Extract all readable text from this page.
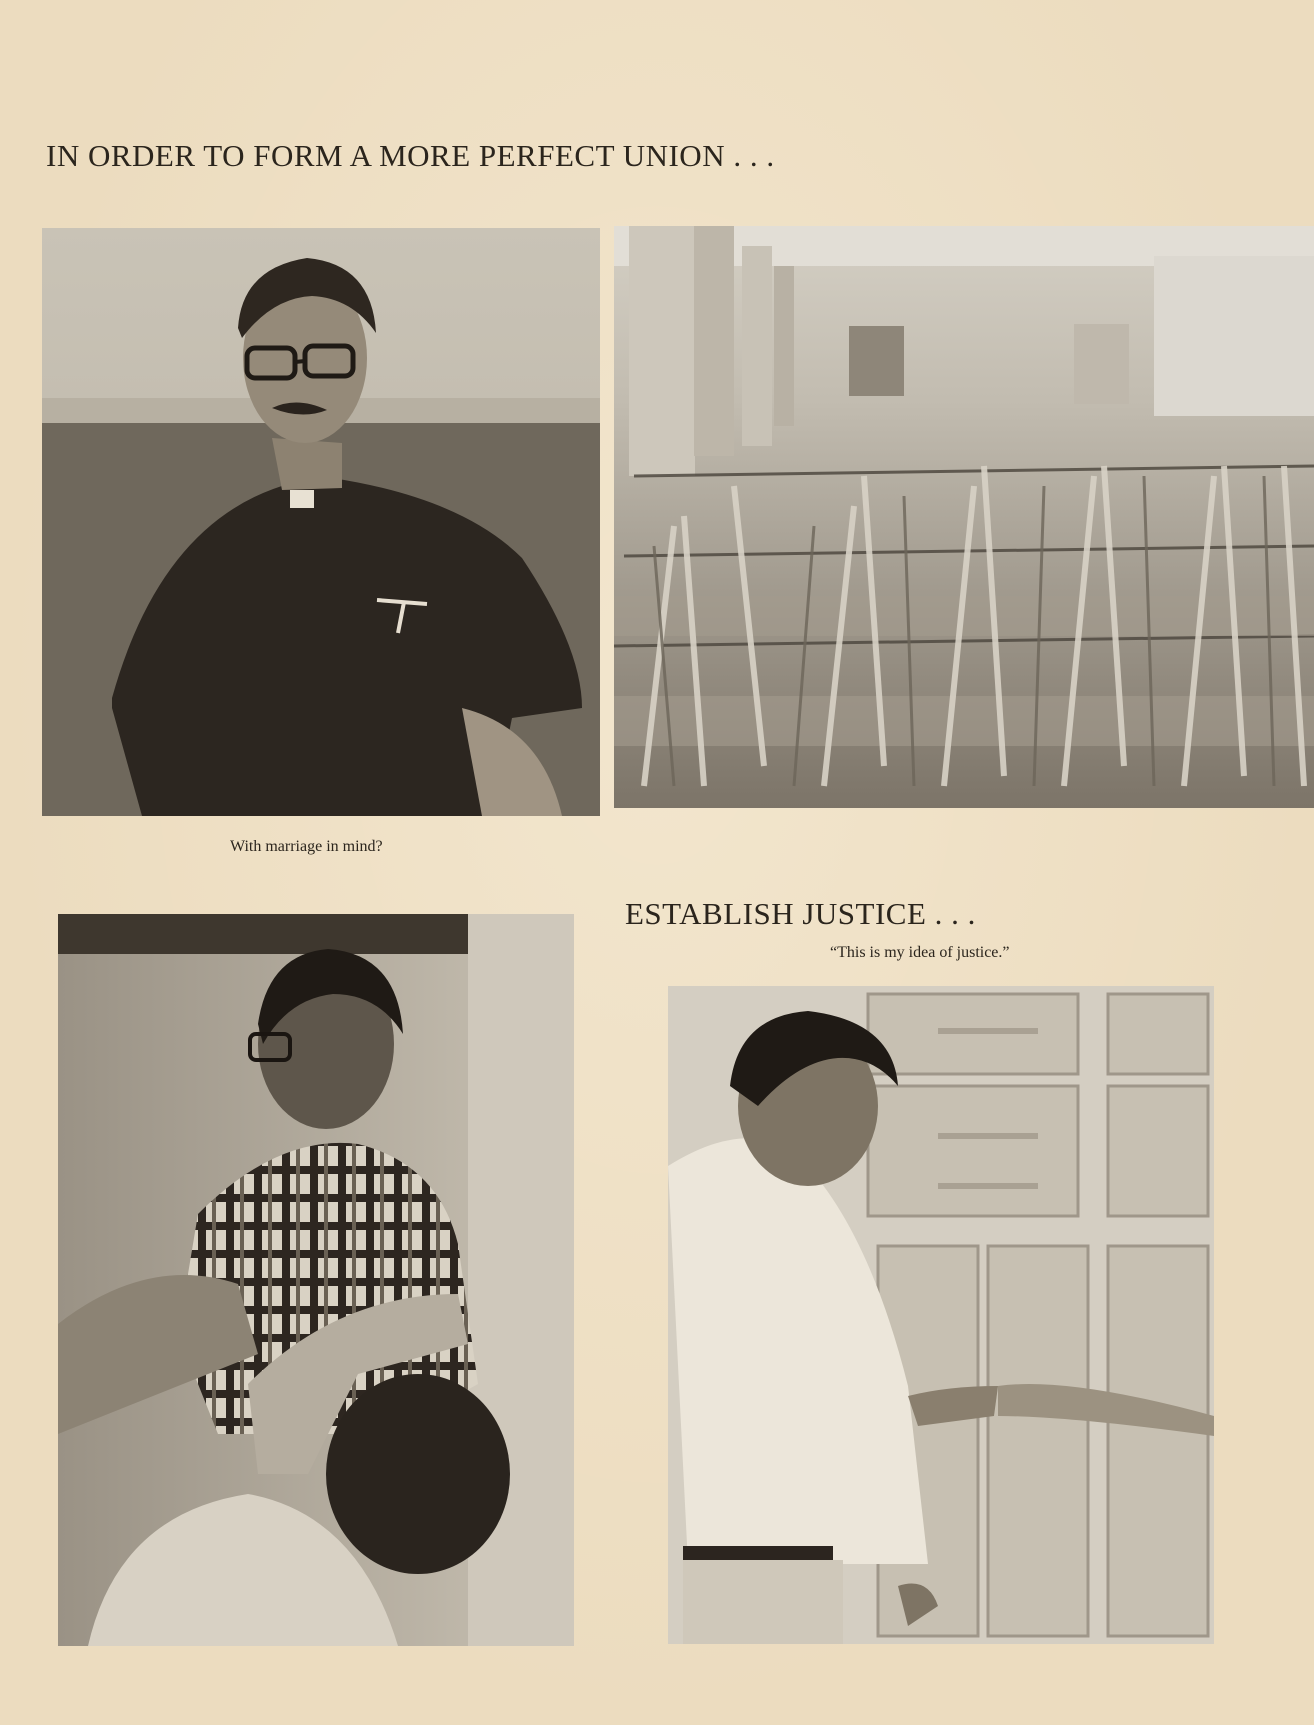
IN ORDER TO FORM A MORE PERFECT UNION . . .
With marriage in mind?
ESTABLISH JUSTICE . . .
“This is my idea of justice.”
